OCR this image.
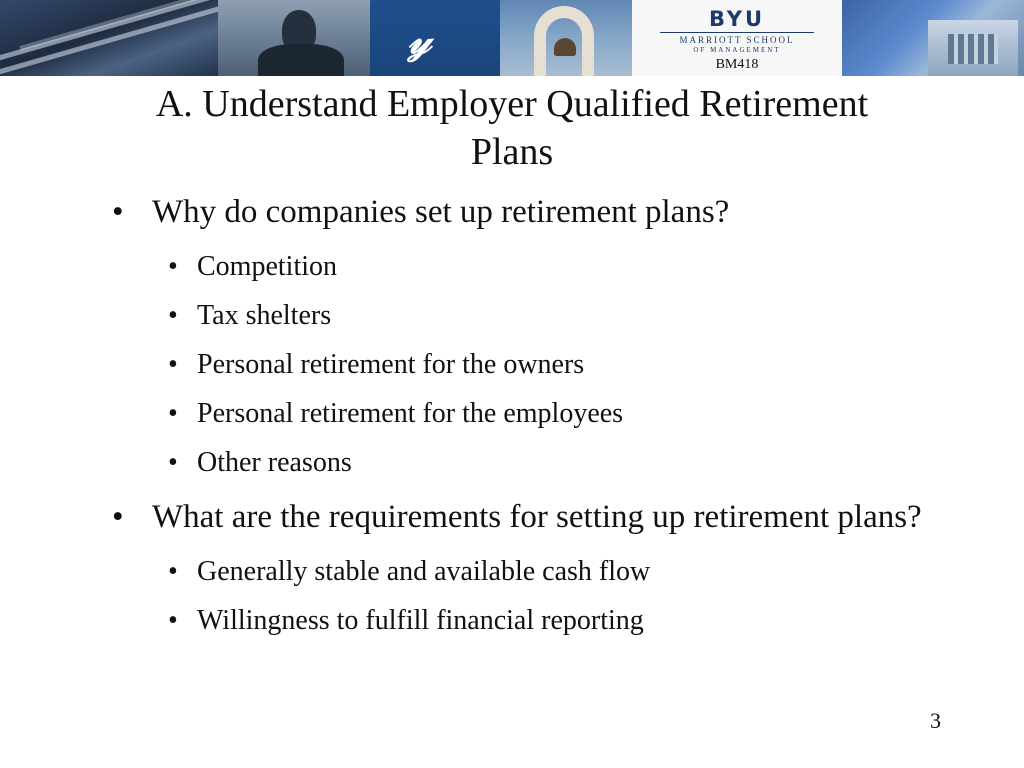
𝓎	BYU
MARRIOTT SCHOOL
OF MANAGEMENT
BM418
A. Understand Employer Qualified Retirement Plans
• Why do companies set up retirement plans?
• Competition
• Tax shelters
• Personal retirement for the owners
• Personal retirement for the employees
• Other reasons
• What are the requirements for setting up retirement plans?
• Generally stable and available cash flow
• Willingness to fulfill financial reporting
3
